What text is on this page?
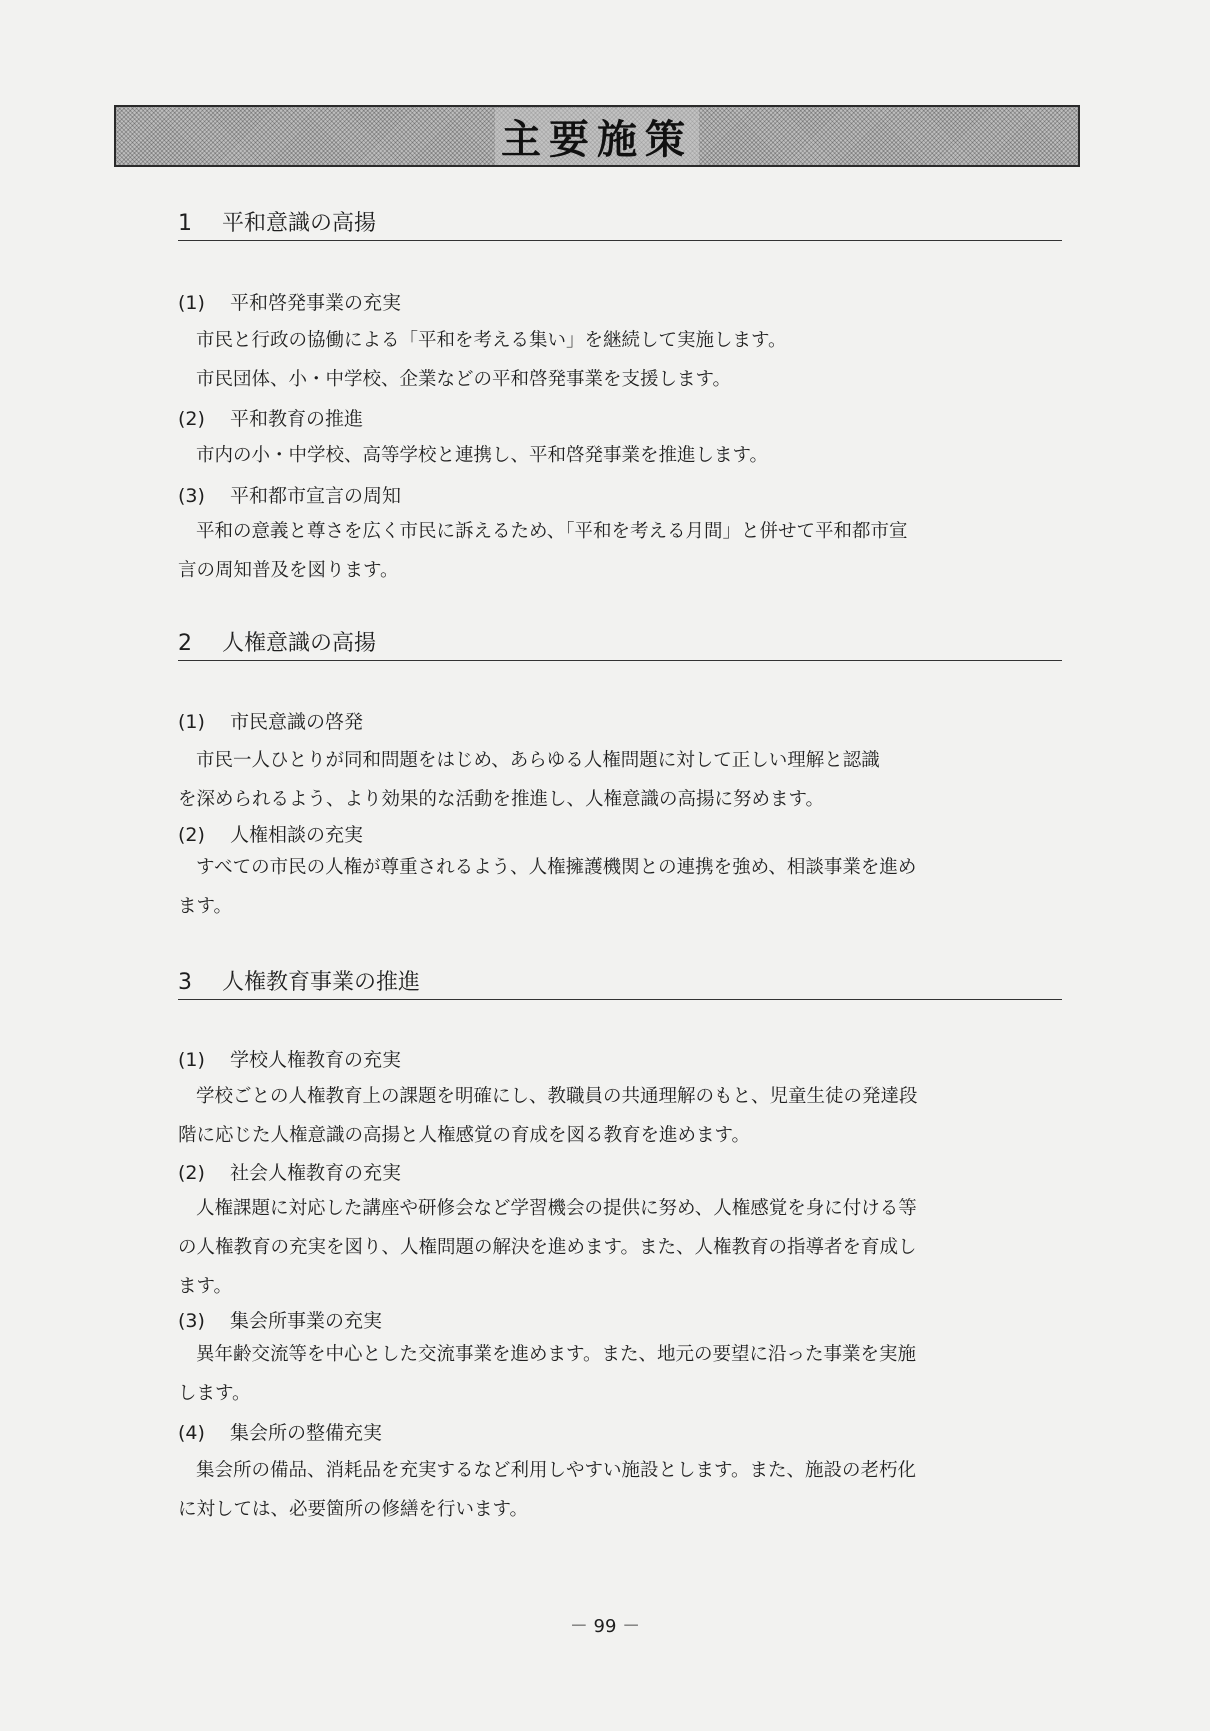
主要施策
1 平和意識の高揚
(1) 平和啓発事業の充実
市民と行政の協働による「平和を考える集い」を継続して実施します。
市民団体、小・中学校、企業などの平和啓発事業を支援します。
(2) 平和教育の推進
市内の小・中学校、高等学校と連携し、平和啓発事業を推進します。
(3) 平和都市宣言の周知
平和の意義と尊さを広く市民に訴えるため、「平和を考える月間」と併せて平和都市宣
言の周知普及を図ります。
2 人権意識の高揚
(1) 市民意識の啓発
市民一人ひとりが同和問題をはじめ、あらゆる人権問題に対して正しい理解と認識
を深められるよう、より効果的な活動を推進し、人権意識の高揚に努めます。
(2) 人権相談の充実
すべての市民の人権が尊重されるよう、人権擁護機関との連携を強め、相談事業を進め
ます。
3 人権教育事業の推進
(1) 学校人権教育の充実
学校ごとの人権教育上の課題を明確にし、教職員の共通理解のもと、児童生徒の発達段
階に応じた人権意識の高揚と人権感覚の育成を図る教育を進めます。
(2) 社会人権教育の充実
人権課題に対応した講座や研修会など学習機会の提供に努め、人権感覚を身に付ける等
の人権教育の充実を図り、人権問題の解決を進めます。また、人権教育の指導者を育成し
ます。
(3) 集会所事業の充実
異年齢交流等を中心とした交流事業を進めます。また、地元の要望に沿った事業を実施
します。
(4) 集会所の整備充実
集会所の備品、消耗品を充実するなど利用しやすい施設とします。また、施設の老朽化
に対しては、必要箇所の修繕を行います。
－ 99 －
